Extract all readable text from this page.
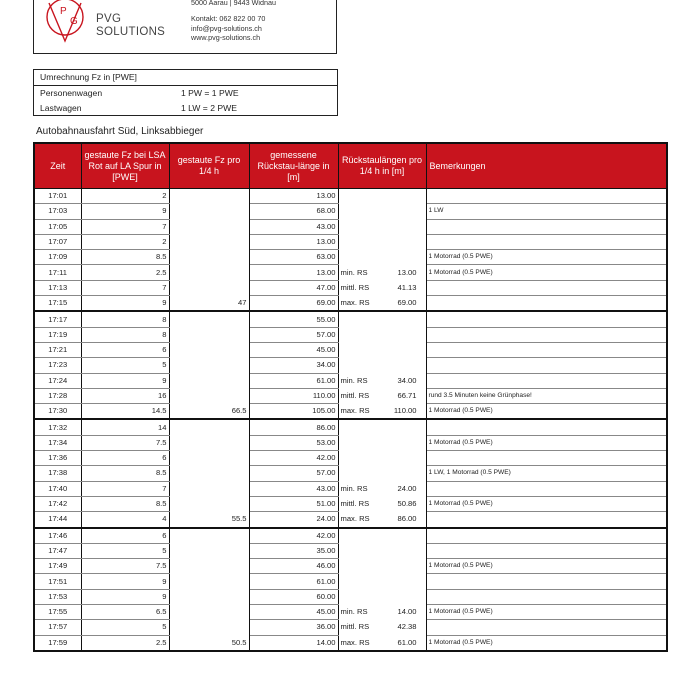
P
G PVG
SOLUTIONS
5000 Aarau | 9443 Widnau
Kontakt: 062 822 00 70
info@pvg-solutions.ch
www.pvg-solutions.ch
Umrechnung Fz in [PWE]
Personenwagen	1 PW = 1 PWE
Lastwagen	1 LW = 2 PWE
Autobahnausfahrt Süd, Linksabbieger
Zeit	gestaute Fz bei LSA Rot auf LA Spur in [PWE]	gestaute Fz pro 1/4 h	gemessene Rückstau-länge in [m]	Rückstaulängen pro 1/4 h in [m]		Bemerkungen
17:01	2		13.00			
17:03	9		68.00			1 LW
17:05	7		43.00			
17:07	2		13.00			
17:09	8.5		63.00			1 Motorrad (0.5 PWE)
17:11	2.5		13.00	min. RS	13.00	1 Motorrad (0.5 PWE)
17:13	7		47.00	mittl. RS	41.13	
17:15	9	47	69.00	max. RS	69.00	
17:17	8		55.00			
17:19	8		57.00			
17:21	6		45.00			
17:23	5		34.00			
17:24	9		61.00	min. RS	34.00	
17:28	16		110.00	mittl. RS	66.71	rund 3.5 Minuten keine Grünphase!
17:30	14.5	66.5	105.00	max. RS	110.00	1 Motorrad (0.5 PWE)
17:32	14		86.00			
17:34	7.5		53.00			1 Motorrad (0.5 PWE)
17:36	6		42.00			
17:38	8.5		57.00			1 LW, 1 Motorrad (0.5 PWE)
17:40	7		43.00	min. RS	24.00	
17:42	8.5		51.00	mittl. RS	50.86	1 Motorrad (0.5 PWE)
17:44	4	55.5	24.00	max. RS	86.00	
17:46	6		42.00			
17:47	5		35.00			
17:49	7.5		46.00			1 Motorrad (0.5 PWE)
17:51	9		61.00			
17:53	9		60.00			
17:55	6.5		45.00	min. RS	14.00	1 Motorrad (0.5 PWE)
17:57	5		36.00	mittl. RS	42.38	
17:59	2.5	50.5	14.00	max. RS	61.00	1 Motorrad (0.5 PWE)
